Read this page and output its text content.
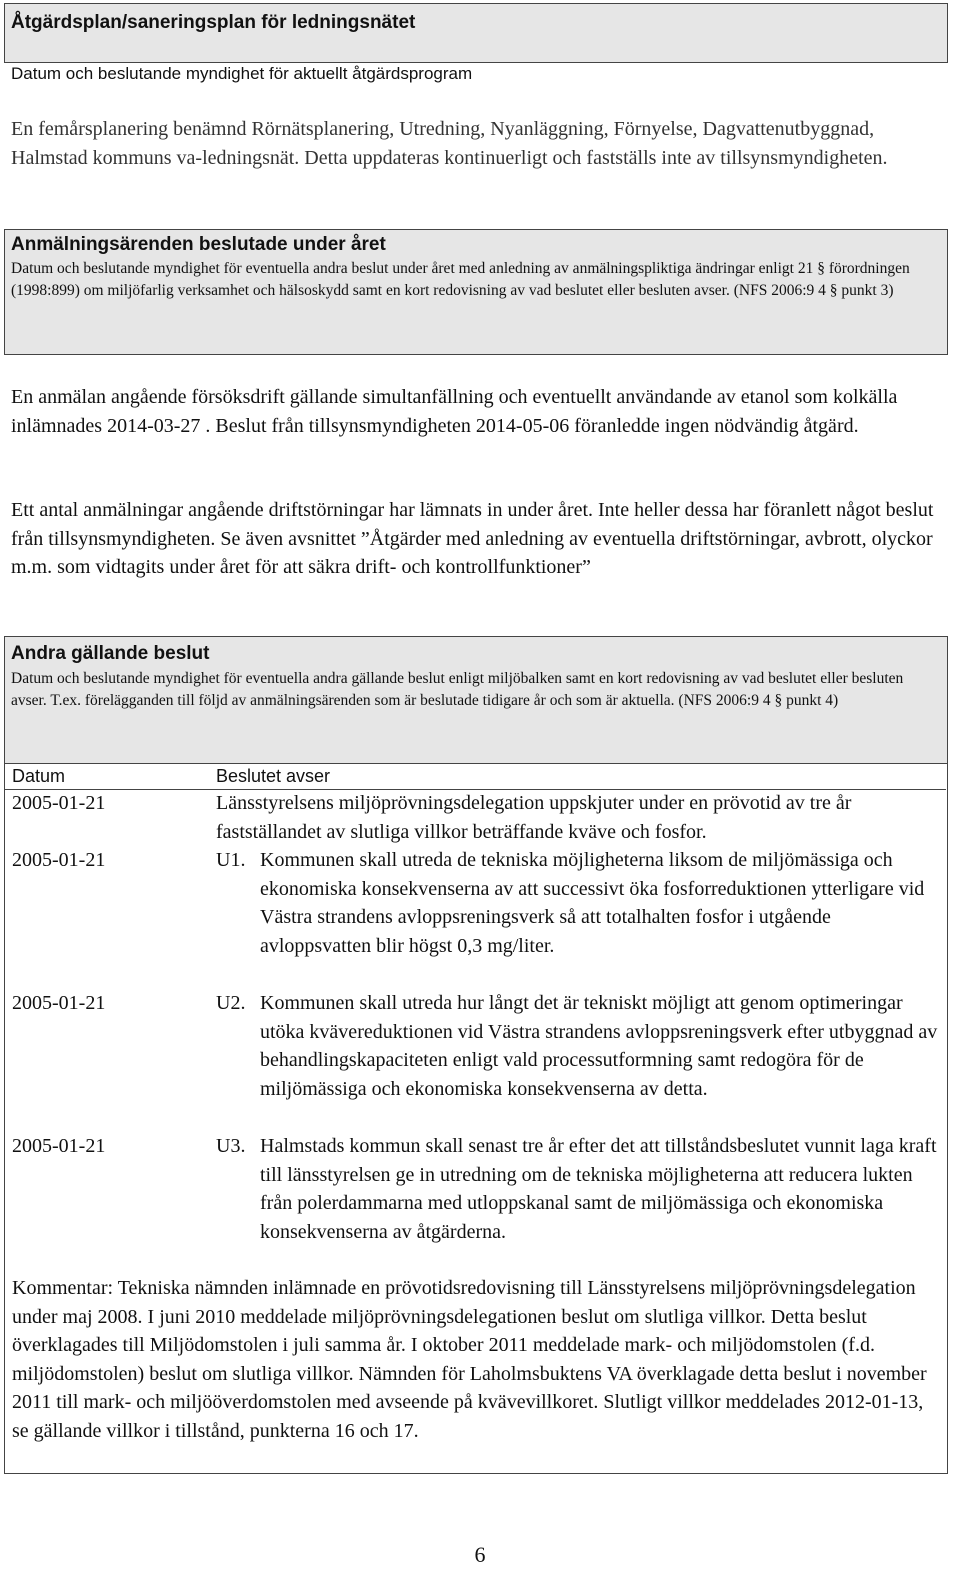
Åtgärdsplan/saneringsplan för ledningsnätet
Datum och beslutande myndighet för aktuellt åtgärdsprogram

En femårsplanering benämnd Rörnätsplanering, Utredning, Nyanläggning, Förnyelse, Dagvattenutbyggnad, Halmstad kommuns va-ledningsnät. Detta uppdateras kontinuerligt och fastställs inte av tillsynsmyndigheten.

Anmälningsärenden beslutade under året
Datum och beslutande myndighet för eventuella andra beslut under året med anledning av anmälningspliktiga ändringar enligt 21 § förordningen (1998:899) om miljöfarlig verksamhet och hälsoskydd samt en kort redovisning av vad beslutet eller besluten avser. (NFS 2006:9 4 § punkt 3)

En anmälan angående försöksdrift gällande simultanfällning och eventuellt användande av etanol som kolkälla inlämnades 2014-03-27 . Beslut från tillsynsmyndigheten 2014-05-06 föranledde ingen nödvändig åtgärd.

Ett antal anmälningar angående driftstörningar har lämnats in under året. Inte heller dessa har föranlett något beslut från tillsynsmyndigheten. Se även avsnittet ”Åtgärder med anledning av eventuella driftstörningar, avbrott, olyckor m.m. som vidtagits under året för att säkra drift- och kontrollfunktioner”

Andra gällande beslut
Datum och beslutande myndighet för eventuella andra gällande beslut enligt miljöbalken samt en kort redovisning av vad beslutet eller besluten avser. T.ex. förelägganden till följd av anmälningsärenden som är beslutade tidigare år och som är aktuella. (NFS 2006:9 4 § punkt 4)
Datum	Beslutet avser
2005-01-21	Länsstyrelsens miljöprövningsdelegation uppskjuter under en prövotid av tre år fastställandet av slutliga villkor beträffande kväve och fosfor.
2005-01-21	U1. Kommunen skall utreda de tekniska möjligheterna liksom de miljömässiga och ekonomiska konsekvenserna av att successivt öka fosforreduktionen ytterligare vid Västra strandens avloppsreningsverk så att totalhalten fosfor i utgående avloppsvatten blir högst 0,3 mg/liter.
2005-01-21	U2. Kommunen skall utreda hur långt det är tekniskt möjligt att genom optimeringar utöka kvävereduktionen vid Västra strandens avloppsreningsverk efter utbyggnad av behandlingskapaciteten enligt vald processutformning samt redogöra för de miljömässiga och ekonomiska konsekvenserna av detta.
2005-01-21	U3. Halmstads kommun skall senast tre år efter det att tillståndsbeslutet vunnit laga kraft till länsstyrelsen ge in utredning om de tekniska möjligheterna att reducera lukten från polerdammarna med utloppskanal samt de miljömässiga och ekonomiska konsekvenserna av åtgärderna.
Kommentar: Tekniska nämnden inlämnade en prövotidsredovisning till Länsstyrelsens miljöprövningsdelegation under maj 2008. I juni 2010 meddelade miljöprövningsdelegationen beslut om slutliga villkor. Detta beslut överklagades till Miljödomstolen i juli samma år. I oktober 2011 meddelade mark- och miljödomstolen (f.d. miljödomstolen) beslut om slutliga villkor. Nämnden för Laholmsbuktens VA överklagade detta beslut i november 2011 till mark- och miljööverdomstolen med avseende på kvävevillkoret. Slutligt villkor meddelades 2012-01-13, se gällande villkor i tillstånd, punkterna 16 och 17.
6
